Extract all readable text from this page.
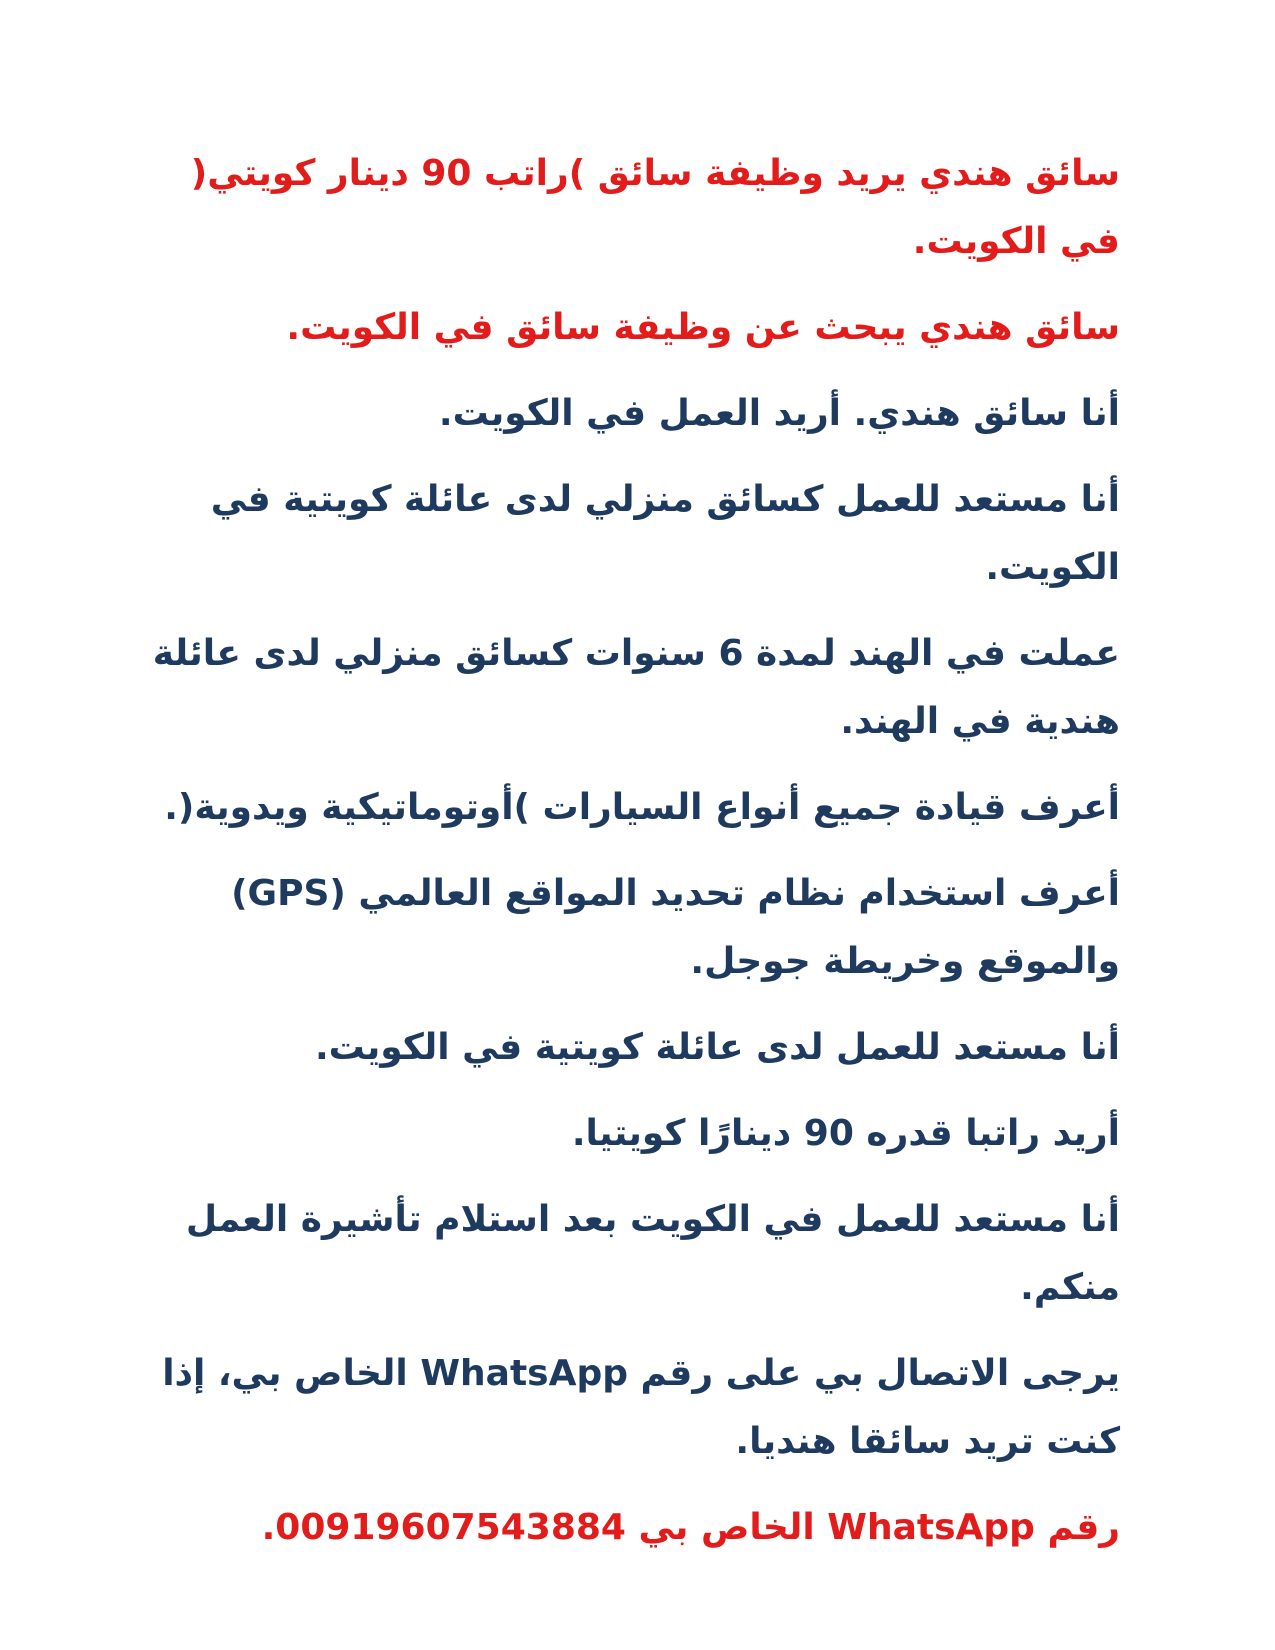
سائق هندي يريد وظيفة سائق )راتب 90 دينار كويتي( في الكويت.

سائق هندي يبحث عن وظيفة سائق في الكويت.

أنا سائق هندي. أريد العمل في الكويت.

أنا مستعد للعمل كسائق منزلي لدى عائلة كويتية في الكويت.

عملت في الهند لمدة 6 سنوات كسائق منزلي لدى عائلة هندية في الهند.

أعرف قيادة جميع أنواع السيارات )أوتوماتيكية ويدوية(.

أعرف استخدام نظام تحديد المواقع العالمي (GPS) والموقع وخريطة جوجل.

أنا مستعد للعمل لدى عائلة كويتية في الكويت.

أريد راتبا قدره 90 دينارًا كويتيا.

أنا مستعد للعمل في الكويت بعد استلام تأشيرة العمل منكم.

يرجى الاتصال بي على رقم WhatsApp الخاص بي، إذا كنت تريد سائقا هنديا.

رقم WhatsApp الخاص بي 00919607543884.
